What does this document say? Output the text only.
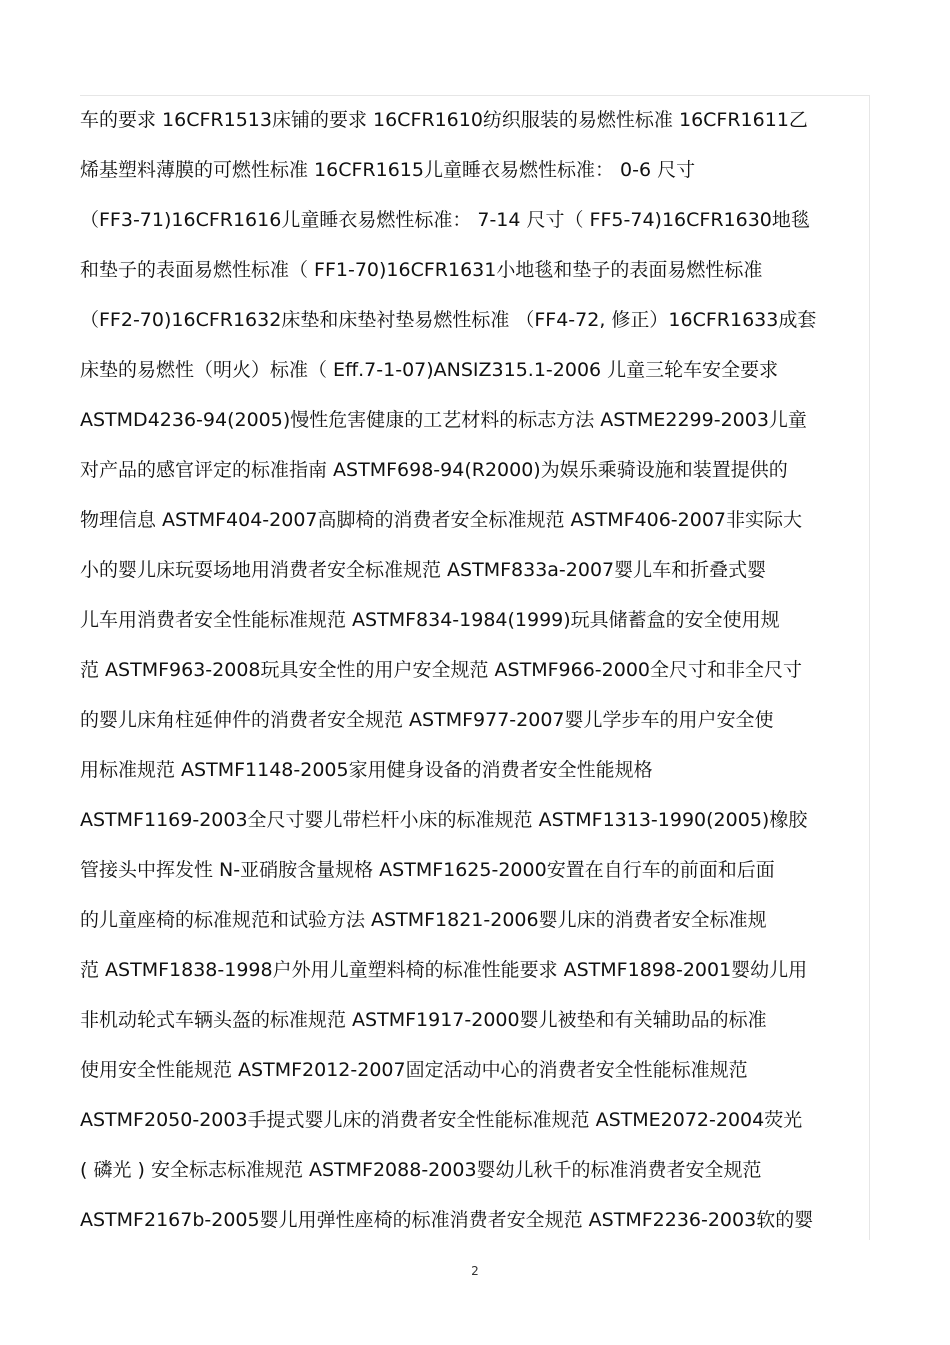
车的要求 16CFR1513床铺的要求 16CFR1610纺织服装的易燃性标准 16CFR1611乙
烯基塑料薄膜的可燃性标准 16CFR1615儿童睡衣易燃性标准： 0-6 尺寸
（FF3-71)16CFR1616儿童睡衣易燃性标准： 7-14 尺寸（ FF5-74)16CFR1630地毯
和垫子的表面易燃性标准（ FF1-70)16CFR1631小地毯和垫子的表面易燃性标准
（FF2-70)16CFR1632床垫和床垫衬垫易燃性标准 （FF4-72, 修正）16CFR1633成套
床垫的易燃性（明火）标准（ Eff.7-1-07)ANSIZ315.1-2006 儿童三轮车安全要求
ASTMD4236-94(2005)慢性危害健康的工艺材料的标志方法 ASTME2299-2003儿童
对产品的感官评定的标准指南 ASTMF698-94(R2000)为娱乐乘骑设施和装置提供的
物理信息 ASTMF404-2007高脚椅的消费者安全标准规范 ASTMF406-2007非实际大
小的婴儿床玩耍场地用消费者安全标准规范 ASTMF833a-2007婴儿车和折叠式婴
儿车用消费者安全性能标准规范 ASTMF834-1984(1999)玩具储蓄盒的安全使用规
范 ASTMF963-2008玩具安全性的用户安全规范 ASTMF966-2000全尺寸和非全尺寸
的婴儿床角柱延伸件的消费者安全规范 ASTMF977-2007婴儿学步车的用户安全使
用标准规范 ASTMF1148-2005家用健身设备的消费者安全性能规格
ASTMF1169-2003全尺寸婴儿带栏杆小床的标准规范 ASTMF1313-1990(2005)橡胶
管接头中挥发性 N-亚硝胺含量规格 ASTMF1625-2000安置在自行车的前面和后面
的儿童座椅的标准规范和试验方法 ASTMF1821-2006婴儿床的消费者安全标准规
范 ASTMF1838-1998户外用儿童塑料椅的标准性能要求 ASTMF1898-2001婴幼儿用
非机动轮式车辆头盔的标准规范 ASTMF1917-2000婴儿被垫和有关辅助品的标准
使用安全性能规范 ASTMF2012-2007固定活动中心的消费者安全性能标准规范
ASTMF2050-2003手提式婴儿床的消费者安全性能标准规范 ASTME2072-2004荧光
( 磷光 ) 安全标志标准规范 ASTMF2088-2003婴幼儿秋千的标准消费者安全规范
ASTMF2167b-2005婴儿用弹性座椅的标准消费者安全规范 ASTMF2236-2003软的婴
2
